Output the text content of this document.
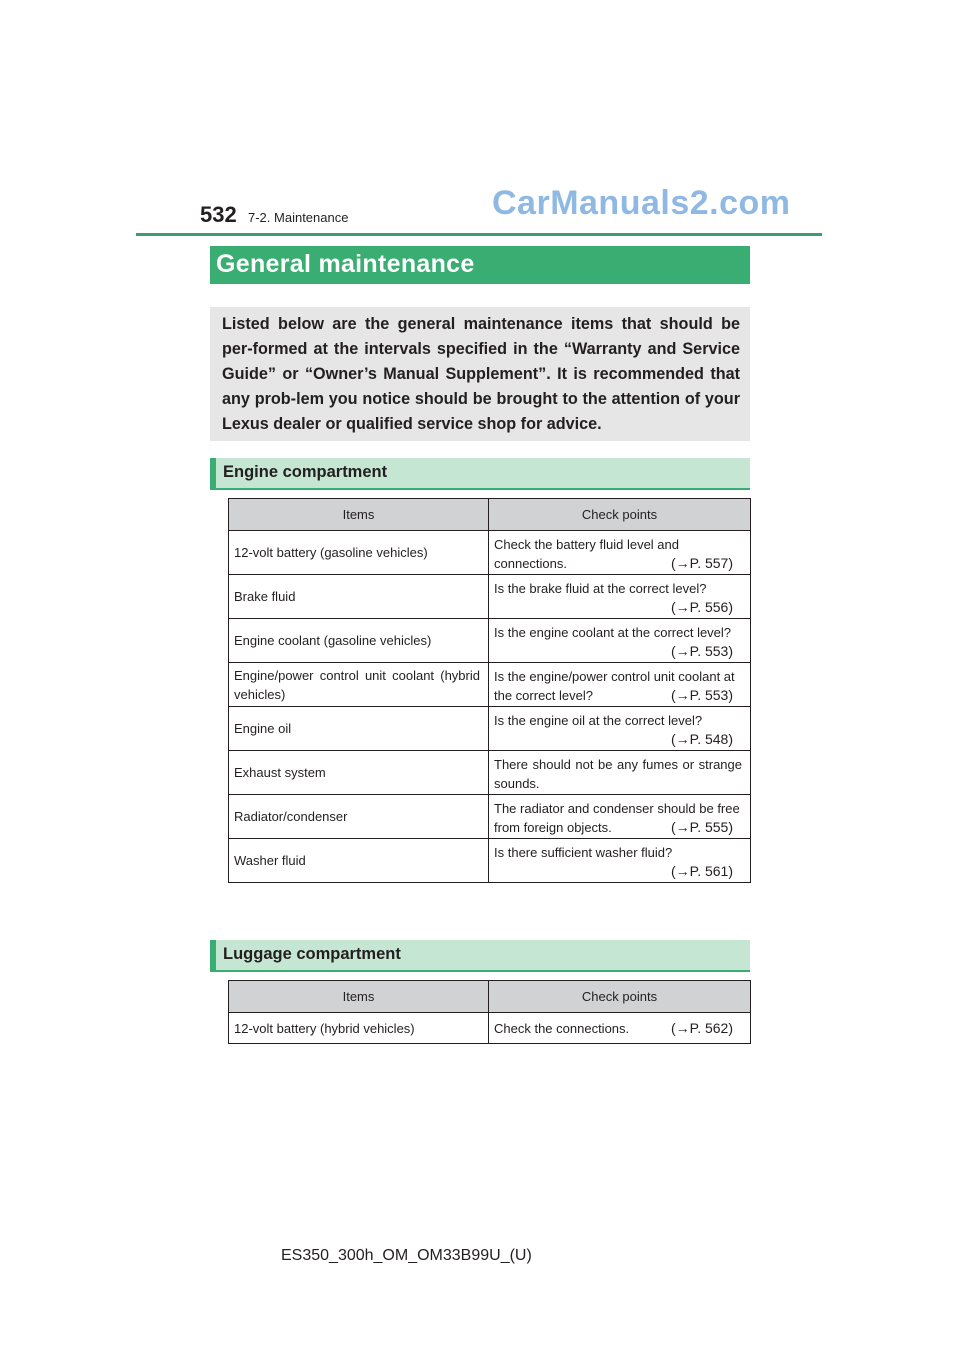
532 7-2. Maintenance	CarManuals2.com
General maintenance

Listed below are the general maintenance items that should be per-formed at the intervals specified in the “Warranty and Service Guide” or “Owner’s Manual Supplement”. It is recommended that any prob-lem you notice should be brought to the attention of your Lexus dealer or qualified service shop for advice.

Engine compartment
Items	Check points
12-volt battery (gasoline vehicles)	Check the battery fluid level and connections. (→P. 557)

Brake fluid	Is the brake fluid at the correct level?
(→P. 556)

Engine coolant (gasoline vehicles)	Is the engine coolant at the correct level?
(→P. 553)

Engine/power control unit coolant (hybrid vehicles)	Is the engine/power control unit coolant at the correct level? (→P. 553)

Engine oil	Is the engine oil at the correct level?
(→P. 548)

Exhaust system	There should not be any fumes or strange sounds.

Radiator/condenser	The radiator and condenser should be free from foreign objects. (→P. 555)

Washer fluid	Is there sufficient washer fluid?
(→P. 561)
Luggage compartment
Items	Check points
12-volt battery (hybrid vehicles)	Check the connections. (→P. 562)
ES350_300h_OM_OM33B99U_(U)
